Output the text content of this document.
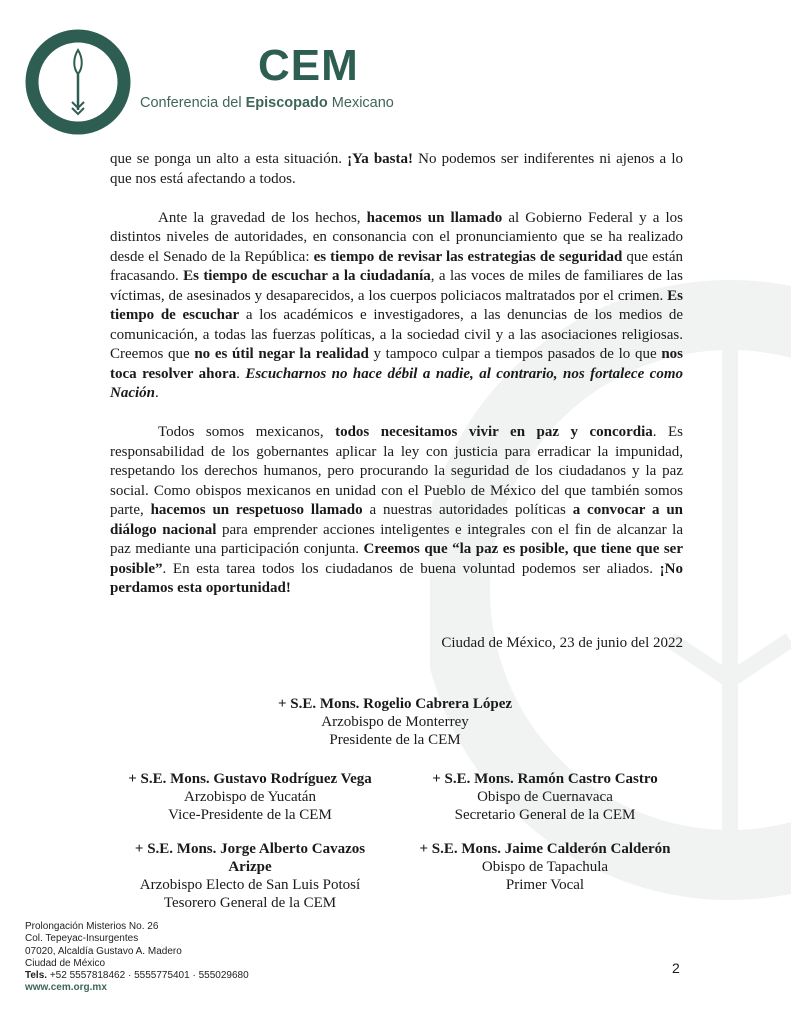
CEM
Conferencia del Episcopado Mexicano

que se ponga un alto a esta situación. ¡Ya basta! No podemos ser indiferentes ni ajenos a lo que nos está afectando a todos.

Ante la gravedad de los hechos, hacemos un llamado al Gobierno Federal y a los distintos niveles de autoridades, en consonancia con el pronunciamiento que se ha realizado desde el Senado de la República: es tiempo de revisar las estrategias de seguridad que están fracasando. Es tiempo de escuchar a la ciudadanía, a las voces de miles de familiares de las víctimas, de asesinados y desaparecidos, a los cuerpos policiacos maltratados por el crimen. Es tiempo de escuchar a los académicos e investigadores, a las denuncias de los medios de comunicación, a todas las fuerzas políticas, a la sociedad civil y a las asociaciones religiosas. Creemos que no es útil negar la realidad y tampoco culpar a tiempos pasados de lo que nos toca resolver ahora. Escucharnos no hace débil a nadie, al contrario, nos fortalece como Nación.

Todos somos mexicanos, todos necesitamos vivir en paz y concordia. Es responsabilidad de los gobernantes aplicar la ley con justicia para erradicar la impunidad, respetando los derechos humanos, pero procurando la seguridad de los ciudadanos y la paz social. Como obispos mexicanos en unidad con el Pueblo de México del que también somos parte, hacemos un respetuoso llamado a nuestras autoridades políticas a convocar a un diálogo nacional para emprender acciones inteligentes e integrales con el fin de alcanzar la paz mediante una participación conjunta. Creemos que “la paz es posible, que tiene que ser posible”. En esta tarea todos los ciudadanos de buena voluntad podemos ser aliados. ¡No perdamos esta oportunidad!

Ciudad de México, 23 de junio del 2022
+ S.E. Mons. Rogelio Cabrera López
Arzobispo de Monterrey
Presidente de la CEM
+ S.E. Mons. Gustavo Rodríguez Vega
Arzobispo de Yucatán
Vice-Presidente de la CEM
+ S.E. Mons. Ramón Castro Castro
Obispo de Cuernavaca
Secretario General de la CEM
+ S.E. Mons. Jorge Alberto Cavazos
Arizpe
Arzobispo Electo de San Luis Potosí
Tesorero General de la CEM
+ S.E. Mons. Jaime Calderón Calderón
Obispo de Tapachula
Primer Vocal
Prolongación Misterios No. 26
Col. Tepeyac-Insurgentes
07020, Alcaldía Gustavo A. Madero
Ciudad de México
Tels. +52 5557818462 · 5555775401 · 555029680
www.cem.org.mx
2
